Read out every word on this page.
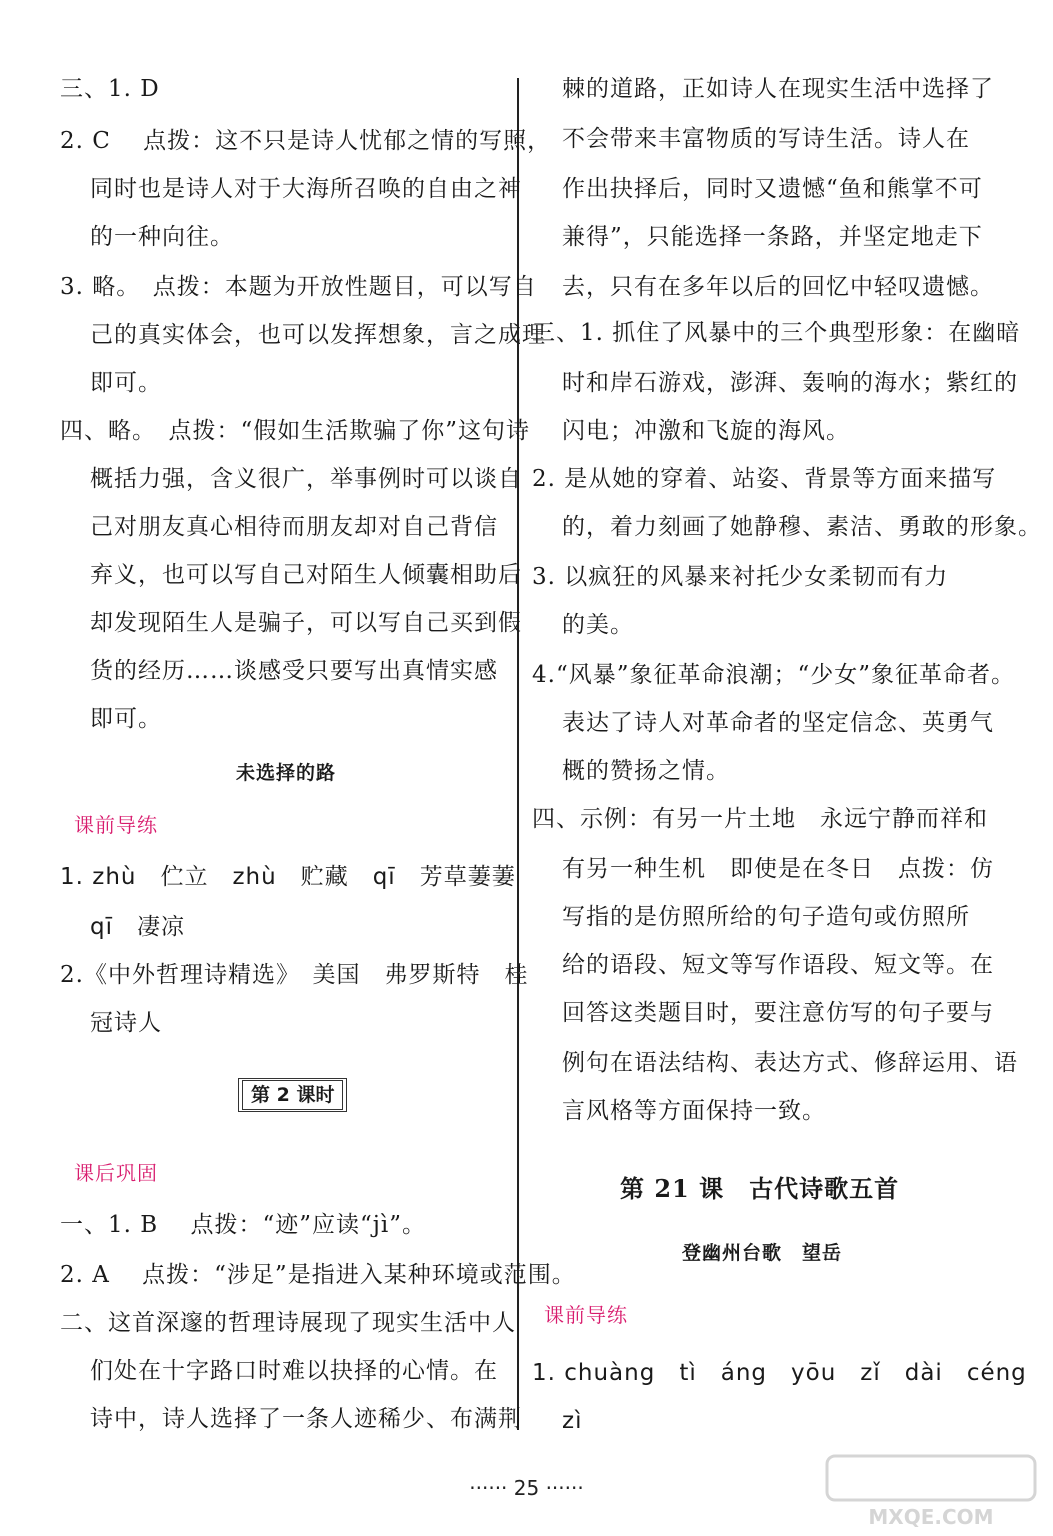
三、1. D
2. C　 点拨：这不只是诗人忧郁之情的写照，
同时也是诗人对于大海所召唤的自由之神
的一种向往。
3. 略。　点拨：本题为开放性题目，可以写自
己的真实体会，也可以发挥想象，言之成理
即可。
四、略。　点拨：“假如生活欺骗了你”这句诗
概括力强，含义很广，举事例时可以谈自
己对朋友真心相待而朋友却对自己背信
弃义，也可以写自己对陌生人倾囊相助后
却发现陌生人是骗子，可以写自己买到假
货的经历……谈感受只要写出真情实感
即可。
未选择的路
课前导练
1. zhù　伫立　zhù　贮藏　qī　芳草萋萋
qī　凄凉
2.《中外哲理诗精选》　美国　弗罗斯特　桂
冠诗人
第 2 课时
课后巩固
一、1. B　 点拨：“迹”应读“jì”。
2. A　 点拨：“涉足”是指进入某种环境或范围。
二、这首深邃的哲理诗展现了现实生活中人
们处在十字路口时难以抉择的心情。在
诗中，诗人选择了一条人迹稀少、布满荆
棘的道路，正如诗人在现实生活中选择了
不会带来丰富物质的写诗生活。诗人在
作出抉择后，同时又遗憾“鱼和熊掌不可
兼得”，只能选择一条路，并坚定地走下
去，只有在多年以后的回忆中轻叹遗憾。
三、1. 抓住了风暴中的三个典型形象：在幽暗
时和岸石游戏，澎湃、轰响的海水；紫红的
闪电；冲激和飞旋的海风。
2. 是从她的穿着、站姿、背景等方面来描写
的，着力刻画了她静穆、素洁、勇敢的形象。
3. 以疯狂的风暴来衬托少女柔韧而有力
的美。
4.“风暴”象征革命浪潮；“少女”象征革命者。
表达了诗人对革命者的坚定信念、英勇气
概的赞扬之情。
四、示例：有另一片土地　永远宁静而祥和
有另一种生机　即使是在冬日　点拨：仿
写指的是仿照所给的句子造句或仿照所
给的语段、短文等写作语段、短文等。在
回答这类题目时，要注意仿写的句子要与
例句在语法结构、表达方式、修辞运用、语
言风格等方面保持一致。
第 21 课　古代诗歌五首
登幽州台歌　望岳
课前导练
1. chuàng　tì　áng　yōu　zǐ　dài　céng
zì
······ 25 ······
MXQE.COM
